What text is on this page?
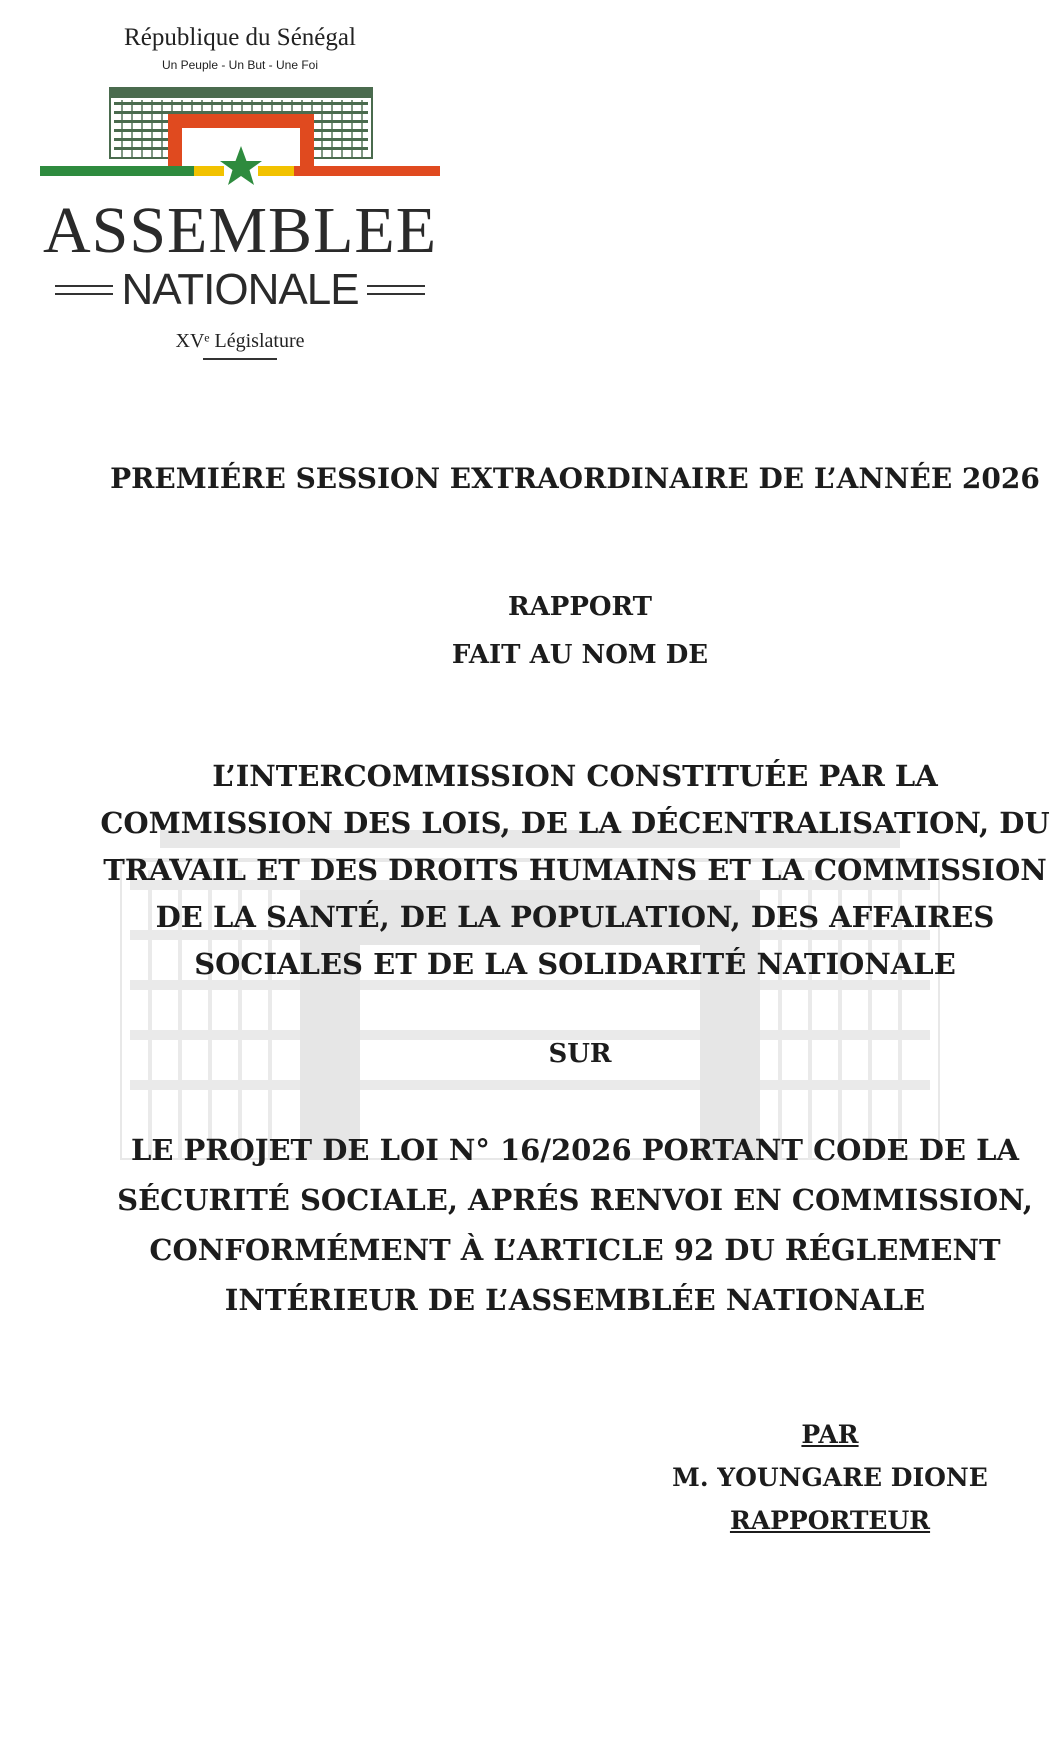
République du Sénégal
Un Peuple - Un But - Une Foi
ASSEMBLEE
NATIONALE
XVᵉ Législature
PREMIÉRE SESSION EXTRAORDINAIRE DE L’ANNÉE 2026
RAPPORT
FAIT AU NOM DE
L’INTERCOMMISSION CONSTITUÉE PAR LA COMMISSION DES LOIS, DE LA DÉCENTRALISATION, DU TRAVAIL ET DES DROITS HUMAINS ET LA COMMISSION DE LA SANTÉ, DE LA POPULATION, DES AFFAIRES SOCIALES ET DE LA SOLIDARITÉ NATIONALE
SUR
LE PROJET DE LOI N° 16/2026 PORTANT CODE DE LA SÉCURITÉ SOCIALE, APRÉS RENVOI EN COMMISSION, CONFORMÉMENT À L’ARTICLE 92 DU RÉGLEMENT INTÉRIEUR DE L’ASSEMBLÉE NATIONALE
PAR
M. YOUNGARE DIONE
RAPPORTEUR
